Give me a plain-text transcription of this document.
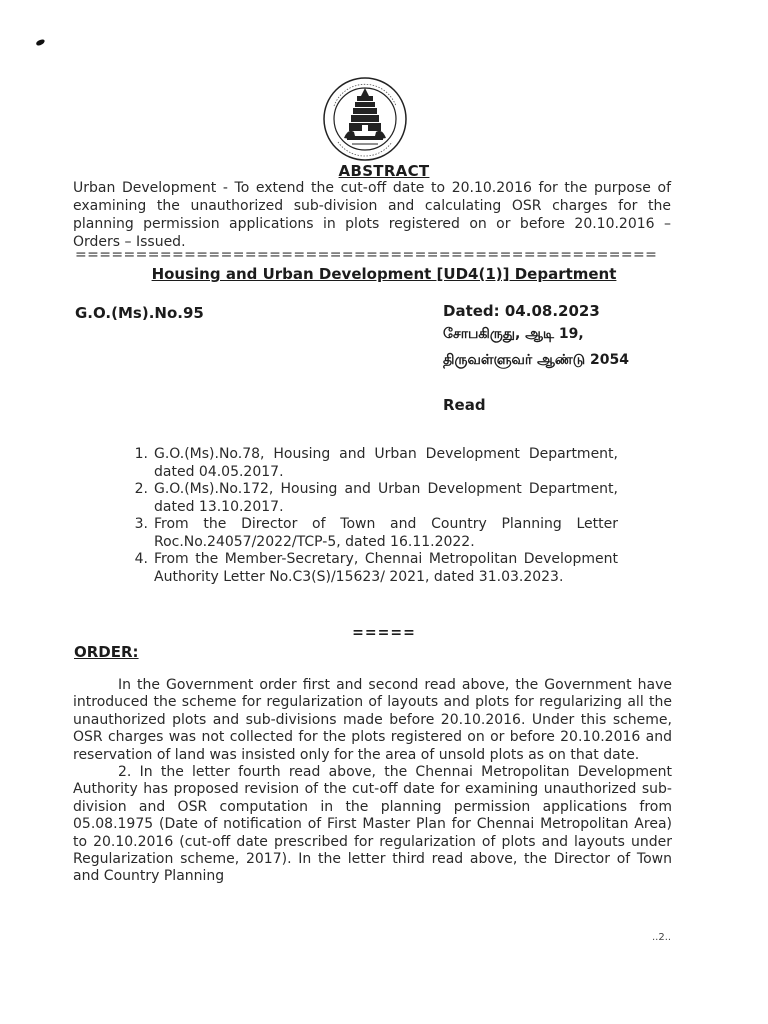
ABSTRACT
Urban Development - To extend the cut-off date to 20.10.2016 for the purpose of examining the unauthorized sub-division and calculating OSR charges for the planning permission applications in plots registered on or before 20.10.2016 – Orders – Issued.
================================================
Housing and Urban Development [UD4(1)] Department
G.O.(Ms).No.95	Dated: 04.08.2023
சோபகிருது, ஆடி 19,
திருவள்ளுவர் ஆண்டு 2054
Read
1. G.O.(Ms).No.78, Housing and Urban Development Department, dated 04.05.2017.
2. G.O.(Ms).No.172, Housing and Urban Development Department, dated 13.10.2017.
3. From the Director of Town and Country Planning Letter Roc.No.24057/2022/TCP-5, dated 16.11.2022.
4. From the Member-Secretary, Chennai Metropolitan Development Authority Letter No.C3(S)/15623/ 2021, dated 31.03.2023.
=====
ORDER:

In the Government order first and second read above, the Government have introduced the scheme for regularization of layouts and plots for regularizing all the unauthorized plots and sub-divisions made before 20.10.2016. Under this scheme, OSR charges was not collected for the plots registered on or before 20.10.2016 and reservation of land was insisted only for the area of unsold plots as on that date.

2. In the letter fourth read above, the Chennai Metropolitan Development Authority has proposed revision of the cut-off date for examining unauthorized sub-division and OSR computation in the planning permission applications from 05.08.1975 (Date of notification of First Master Plan for Chennai Metropolitan Area) to 20.10.2016 (cut-off date prescribed for regularization of plots and layouts under Regularization scheme, 2017). In the letter third read above, the Director of Town and Country Planning

..2..
